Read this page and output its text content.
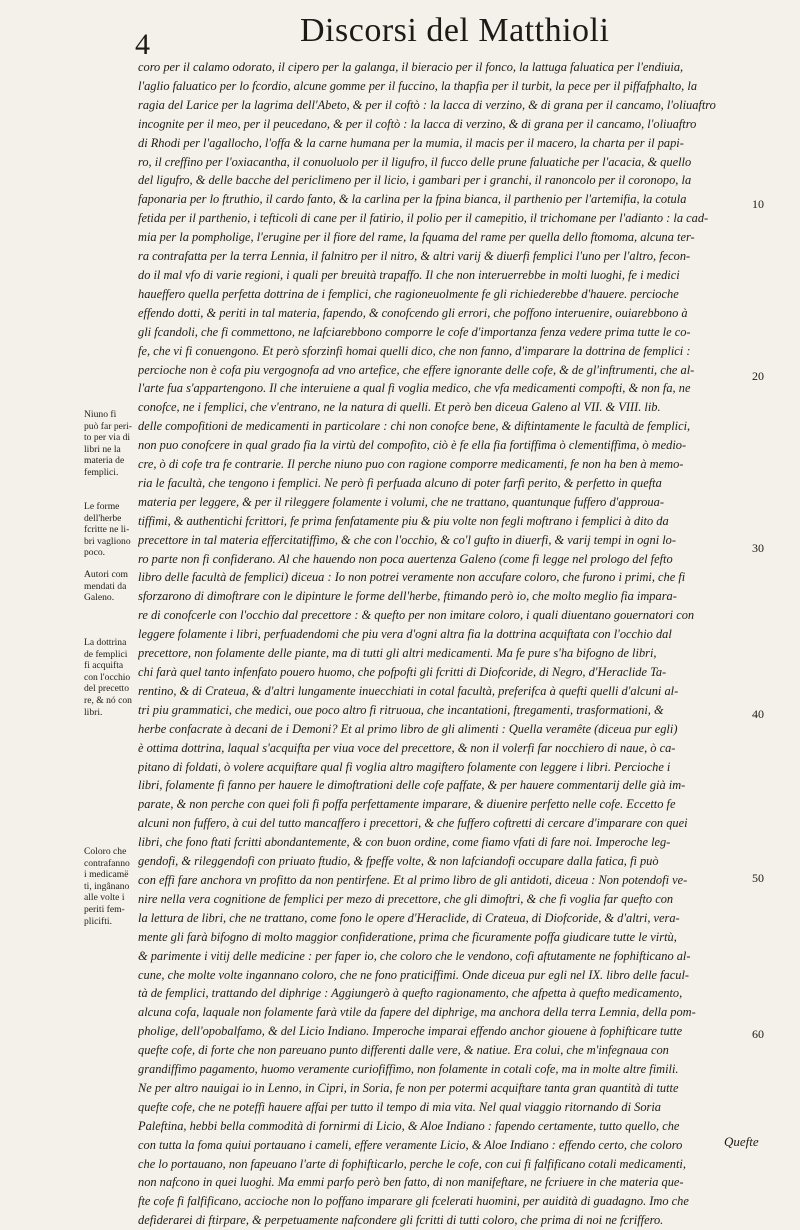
4	Discorsi del Matthioli
coro per il calamo odorato, il cipero per la galanga, il bieracio per il fonco, la lattuga faluatica per l'endiuia,
l'aglio faluatico per lo fcordio, alcune gomme per il fuccino, la thapfia per il turbit, la pece per il piffafphalto, la
ragia del Larice per la lagrima dell'Abeto, & per il coftò : la lacca di verzino, & di grana per il cancamo, l'oliuaftro
incognite per il meo, per il peucedano, & per il coftò : la lacca di verzino, & di grana per il cancamo, l'oliuaftro
di Rhodi per l'agallocho, l'offa & la carne humana per la mumia, il macis per il macero, la charta per il papi-
ro, il creffino per l'oxiacantha, il conuoluolo per il ligufro, il fucco delle prune faluatiche per l'acacia, & quello
del ligufro, & delle bacche del periclimeno per il licio, i gambari per i granchi, il ranoncolo per il coronopo, la
faponaria per lo ftruthio, il cardo fanto, & la carlina per la fpina bianca, il parthenio per l'artemifia, la cotula
fetida per il parthenio, i tefticoli di cane per il fatirio, il polio per il camepitio, il trichomane per l'adianto : la cad-
mia per la pompholige, l'erugine per il fiore del rame, la fquama del rame per quella dello ftomoma, alcuna ter-
ra contrafatta per la terra Lennia, il falnitro per il nitro, & altri varij & diuerfi femplici l'uno per l'altro, fecon-
do il mal vfo di varie regioni, i quali per breuità trapaffo. Il che non interuerrebbe in molti luoghi, fe i medici
haueffero quella perfetta dottrina de i femplici, che ragioneuolmente fe gli richiederebbe d'hauere. percioche
effendo dotti, & periti in tal materia, fapendo, & conofcendo gli errori, che poffono interuenire, ouiarebbono à
gli fcandoli, che fi commettono, ne lafciarebbono comporre le cofe d'importanza fenza vedere prima tutte le co-
fe, che vi fi conuengono. Et però sforzinfi homai quelli dico, che non fanno, d'imparare la dottrina de femplici :
percioche non è cofa piu vergognofa ad vno artefice, che effere ignorante delle cofe, & de gl'inftrumenti, che al-
l'arte fua s'appartengono. Il che interuiene a qual fi voglia medico, che vfa medicamenti compofti, & non fa, ne
conofce, ne i femplici, che v'entrano, ne la natura di quelli. Et però ben diceua Galeno al VII. & VIII. lib.
delle compofitioni de medicamenti in particolare : chi non conofce bene, & diftintamente le facultà de femplici,
non puo conofcere in qual grado fia la virtù del compofito, ciò è fe ella fia fortiffima ò clementiffima, ò medio-
cre, ò di cofe tra fe contrarie. Il perche niuno puo con ragione comporre medicamenti, fe non ha ben à memo-
ria le facultà, che tengono i femplici. Ne però fi perfuada alcuno di poter farfi perito, & perfetto in quefta
materia per leggere, & per il rileggere folamente i volumi, che ne trattano, quantunque fuffero d'approua-
tiffimi, & authentichi fcrittori, fe prima fenfatamente piu & piu volte non fegli moftrano i femplici à dito da
precettore in tal materia effercitatiffimo, & che con l'occhio, & co'l gufto in diuerfi, & varij tempi in ogni lo-
ro parte non fi confiderano. Al che hauendo non poca auertenza Galeno (come fi legge nel prologo del fefto
libro delle facultà de femplici) diceua : Io non potrei veramente non accufare coloro, che furono i primi, che fi
sforzarono di dimoftrare con le dipinture le forme dell'herbe, ftimando però io, che molto meglio fia impara-
re di conofcerle con l'occhio dal precettore : & quefto per non imitare coloro, i quali diuentano gouernatori con
leggere folamente i libri, perfuadendomi che piu vera d'ogni altra fia la dottrina acquiftata con l'occhio dal
precettore, non folamente delle piante, ma di tutti gli altri medicamenti. Ma fe pure s'ha bifogno de libri,
chi farà quel tanto infenfato pouero huomo, che pofpofti gli fcritti di Diofcoride, di Negro, d'Heraclide Ta-
rentino, & di Crateua, & d'altri lungamente inuecchiati in cotal facultà, preferifca à quefti quelli d'alcuni al-
tri piu grammatici, che medici, oue poco altro fi ritruoua, che incantationi, ftregamenti, trasformationi, &
herbe confacrate à decani de i Demoni? Et al primo libro de gli alimenti : Quella veramête (diceua pur egli)
è ottima dottrina, laqual s'acquifta per viua voce del precettore, & non il volerfi far nocchiero di naue, ò ca-
pitano di foldati, ò volere acquiftare qual fi voglia altro magiftero folamente con leggere i libri. Percioche i
libri, folamente fi fanno per hauere le dimoftrationi delle cofe paffate, & per hauere commentarij delle già im-
parate, & non perche con quei foli fi poffa perfettamente imparare, & diuenire perfetto nelle cofe. Eccetto fe
alcuni non fuffero, à cui del tutto mancaffero i precettori, & che fuffero coftretti di cercare d'imparare con quei
libri, che fono ftati fcritti abondantemente, & con buon ordine, come fiamo vfati di fare noi. Imperoche leg-
gendofi, & rileggendofi con priuato ftudio, & fpeffe volte, & non lafciandofi occupare dalla fatica, fi può
con effi fare anchora vn profitto da non pentirfene. Et al primo libro de gli antidoti, diceua : Non potendofi ve-
nire nella vera cognitione de femplici per mezo di precettore, che gli dimoftri, & che fi voglia far quefto con
la lettura de libri, che ne trattano, come fono le opere d'Heraclide, di Crateua, di Diofcoride, & d'altri, vera-
mente gli farà bifogno di molto maggior confideratione, prima che ficuramente poffa giudicare tutte le virtù,
& parimente i vitij delle medicine : per faper io, che coloro che le vendono, cofi aftutamente ne fophifticano al-
cune, che molte volte ingannano coloro, che ne fono praticiffimi. Onde diceua pur egli nel IX. libro delle facul-
tà de femplici, trattando del diphrige : Aggiungerò à quefto ragionamento, che afpetta à quefto medicamento,
alcuna cofa, laquale non folamente farà vtile da fapere del diphrige, ma anchora della terra Lemnia, della pom-
pholige, dell'opobalfamo, & del Licio Indiano. Imperoche imparai effendo anchor giouene à fophifticare tutte
quefte cofe, di forte che non pareuano punto differenti dalle vere, & natiue. Era colui, che m'infegnaua con
grandiffimo pagamento, huomo veramente curiofiffimo, non folamente in cotali cofe, ma in molte altre fimili.
Ne per altro nauigai io in Lenno, in Cipri, in Soria, fe non per potermi acquiftare tanta gran quantità di tutte
quefte cofe, che ne poteffi hauere affai per tutto il tempo di mia vita. Nel qual viaggio ritornando di Soria
Paleftina, hebbi bella commodità di fornirmi di Licio, & Aloe Indiano : fapendo certamente, tutto quello, che
con tutta la foma quiui portauano i cameli, effere veramente Licio, & Aloe Indiano : effendo certo, che coloro
che lo portauano, non fapeuano l'arte di fophifticarlo, perche le cofe, con cui fi falfificano cotali medicamenti,
non nafcono in quei luoghi. Ma emmi parfo però ben fatto, di non manifeftare, ne fcriuere in che materia que-
fte cofe fi falfificano, accioche non lo poffano imparare gli fcelerati huomini, per auidità di guadagno. Imo che
defiderarei di ftirpare, & perpetuamente nafcondere gli fcritti di tutti coloro, che prima di noi ne fcriffero.
Niuno fi
può far peri-
to per via di
libri ne la
materia de
femplici.
Le forme
dell'herbe
fcritte ne li-
bri vagliono
poco.
Autori com
mendati da
Galeno.
La dottrina
de femplici
fi acquifta
con l'occhio
del precetto
re, & nó con
libri.
Coloro che
contrafanno
i medicamë
ti, ingânano
alle volte i
periti fem-
plicifti.
10
20
30
40
50
60
Quefte
